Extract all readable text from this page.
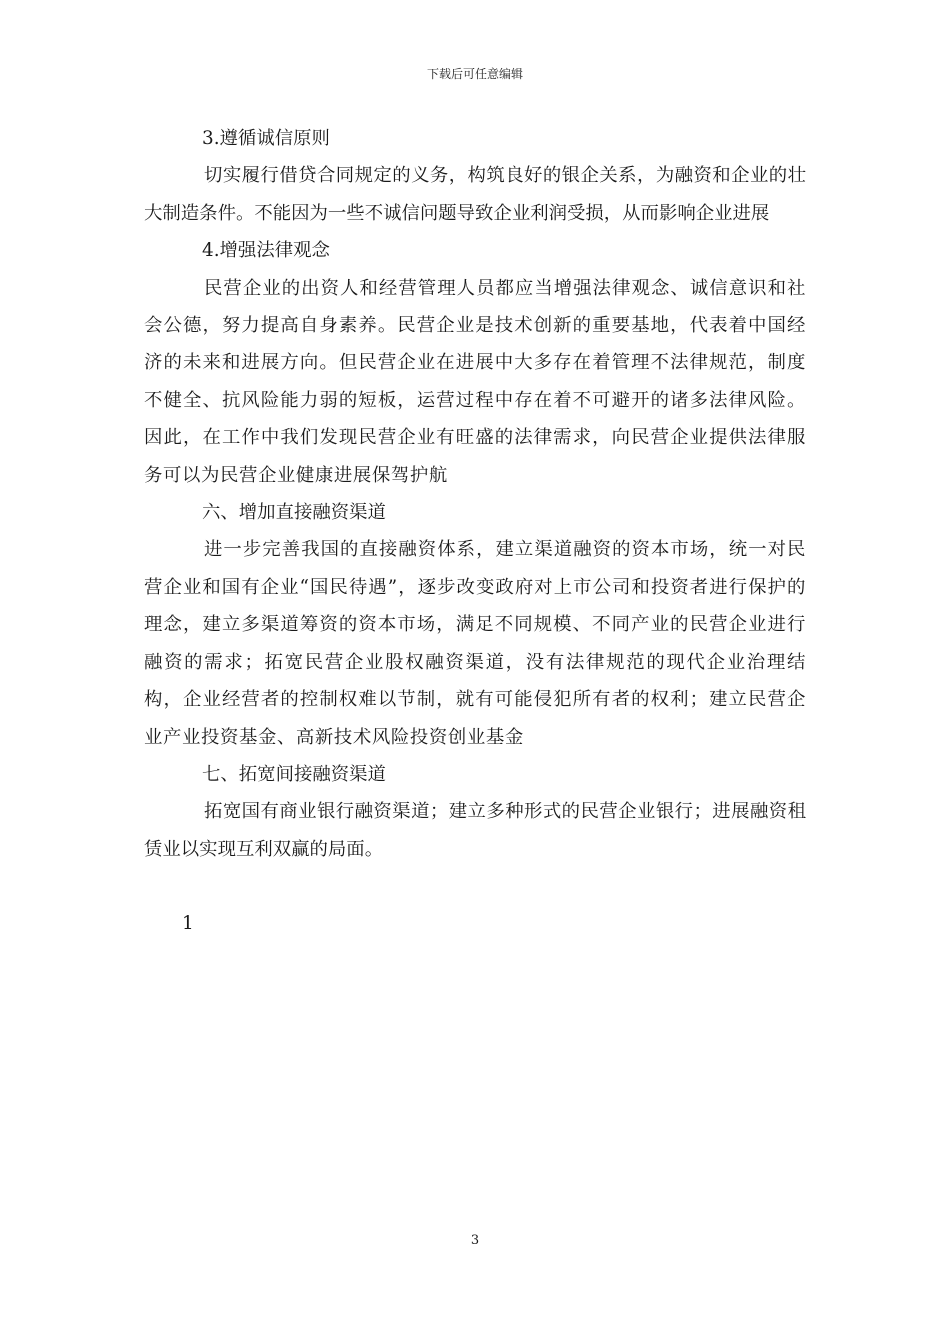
下载后可任意编辑

3.遵循诚信原则

切实履行借贷合同规定的义务，构筑良好的银企关系，为融资和企业的壮大制造条件。不能因为一些不诚信问题导致企业利润受损，从而影响企业进展

4.增强法律观念

民营企业的出资人和经营管理人员都应当增强法律观念、诚信意识和社会公德，努力提高自身素养。民营企业是技术创新的重要基地，代表着中国经济的未来和进展方向。但民营企业在进展中大多存在着管理不法律规范，制度不健全、抗风险能力弱的短板，运营过程中存在着不可避开的诸多法律风险。因此，在工作中我们发现民营企业有旺盛的法律需求，向民营企业提供法律服务可以为民营企业健康进展保驾护航

六、增加直接融资渠道

进一步完善我国的直接融资体系，建立渠道融资的资本市场，统一对民营企业和国有企业“国民待遇”，逐步改变政府对上市公司和投资者进行保护的理念，建立多渠道筹资的资本市场，满足不同规模、不同产业的民营企业进行融资的需求；拓宽民营企业股权融资渠道，没有法律规范的现代企业治理结构，企业经营者的控制权难以节制，就有可能侵犯所有者的权利；建立民营企业产业投资基金、高新技术风险投资创业基金

七、拓宽间接融资渠道

拓宽国有商业银行融资渠道；建立多种形式的民营企业银行；进展融资租赁业以实现互利双赢的局面。

1
3
